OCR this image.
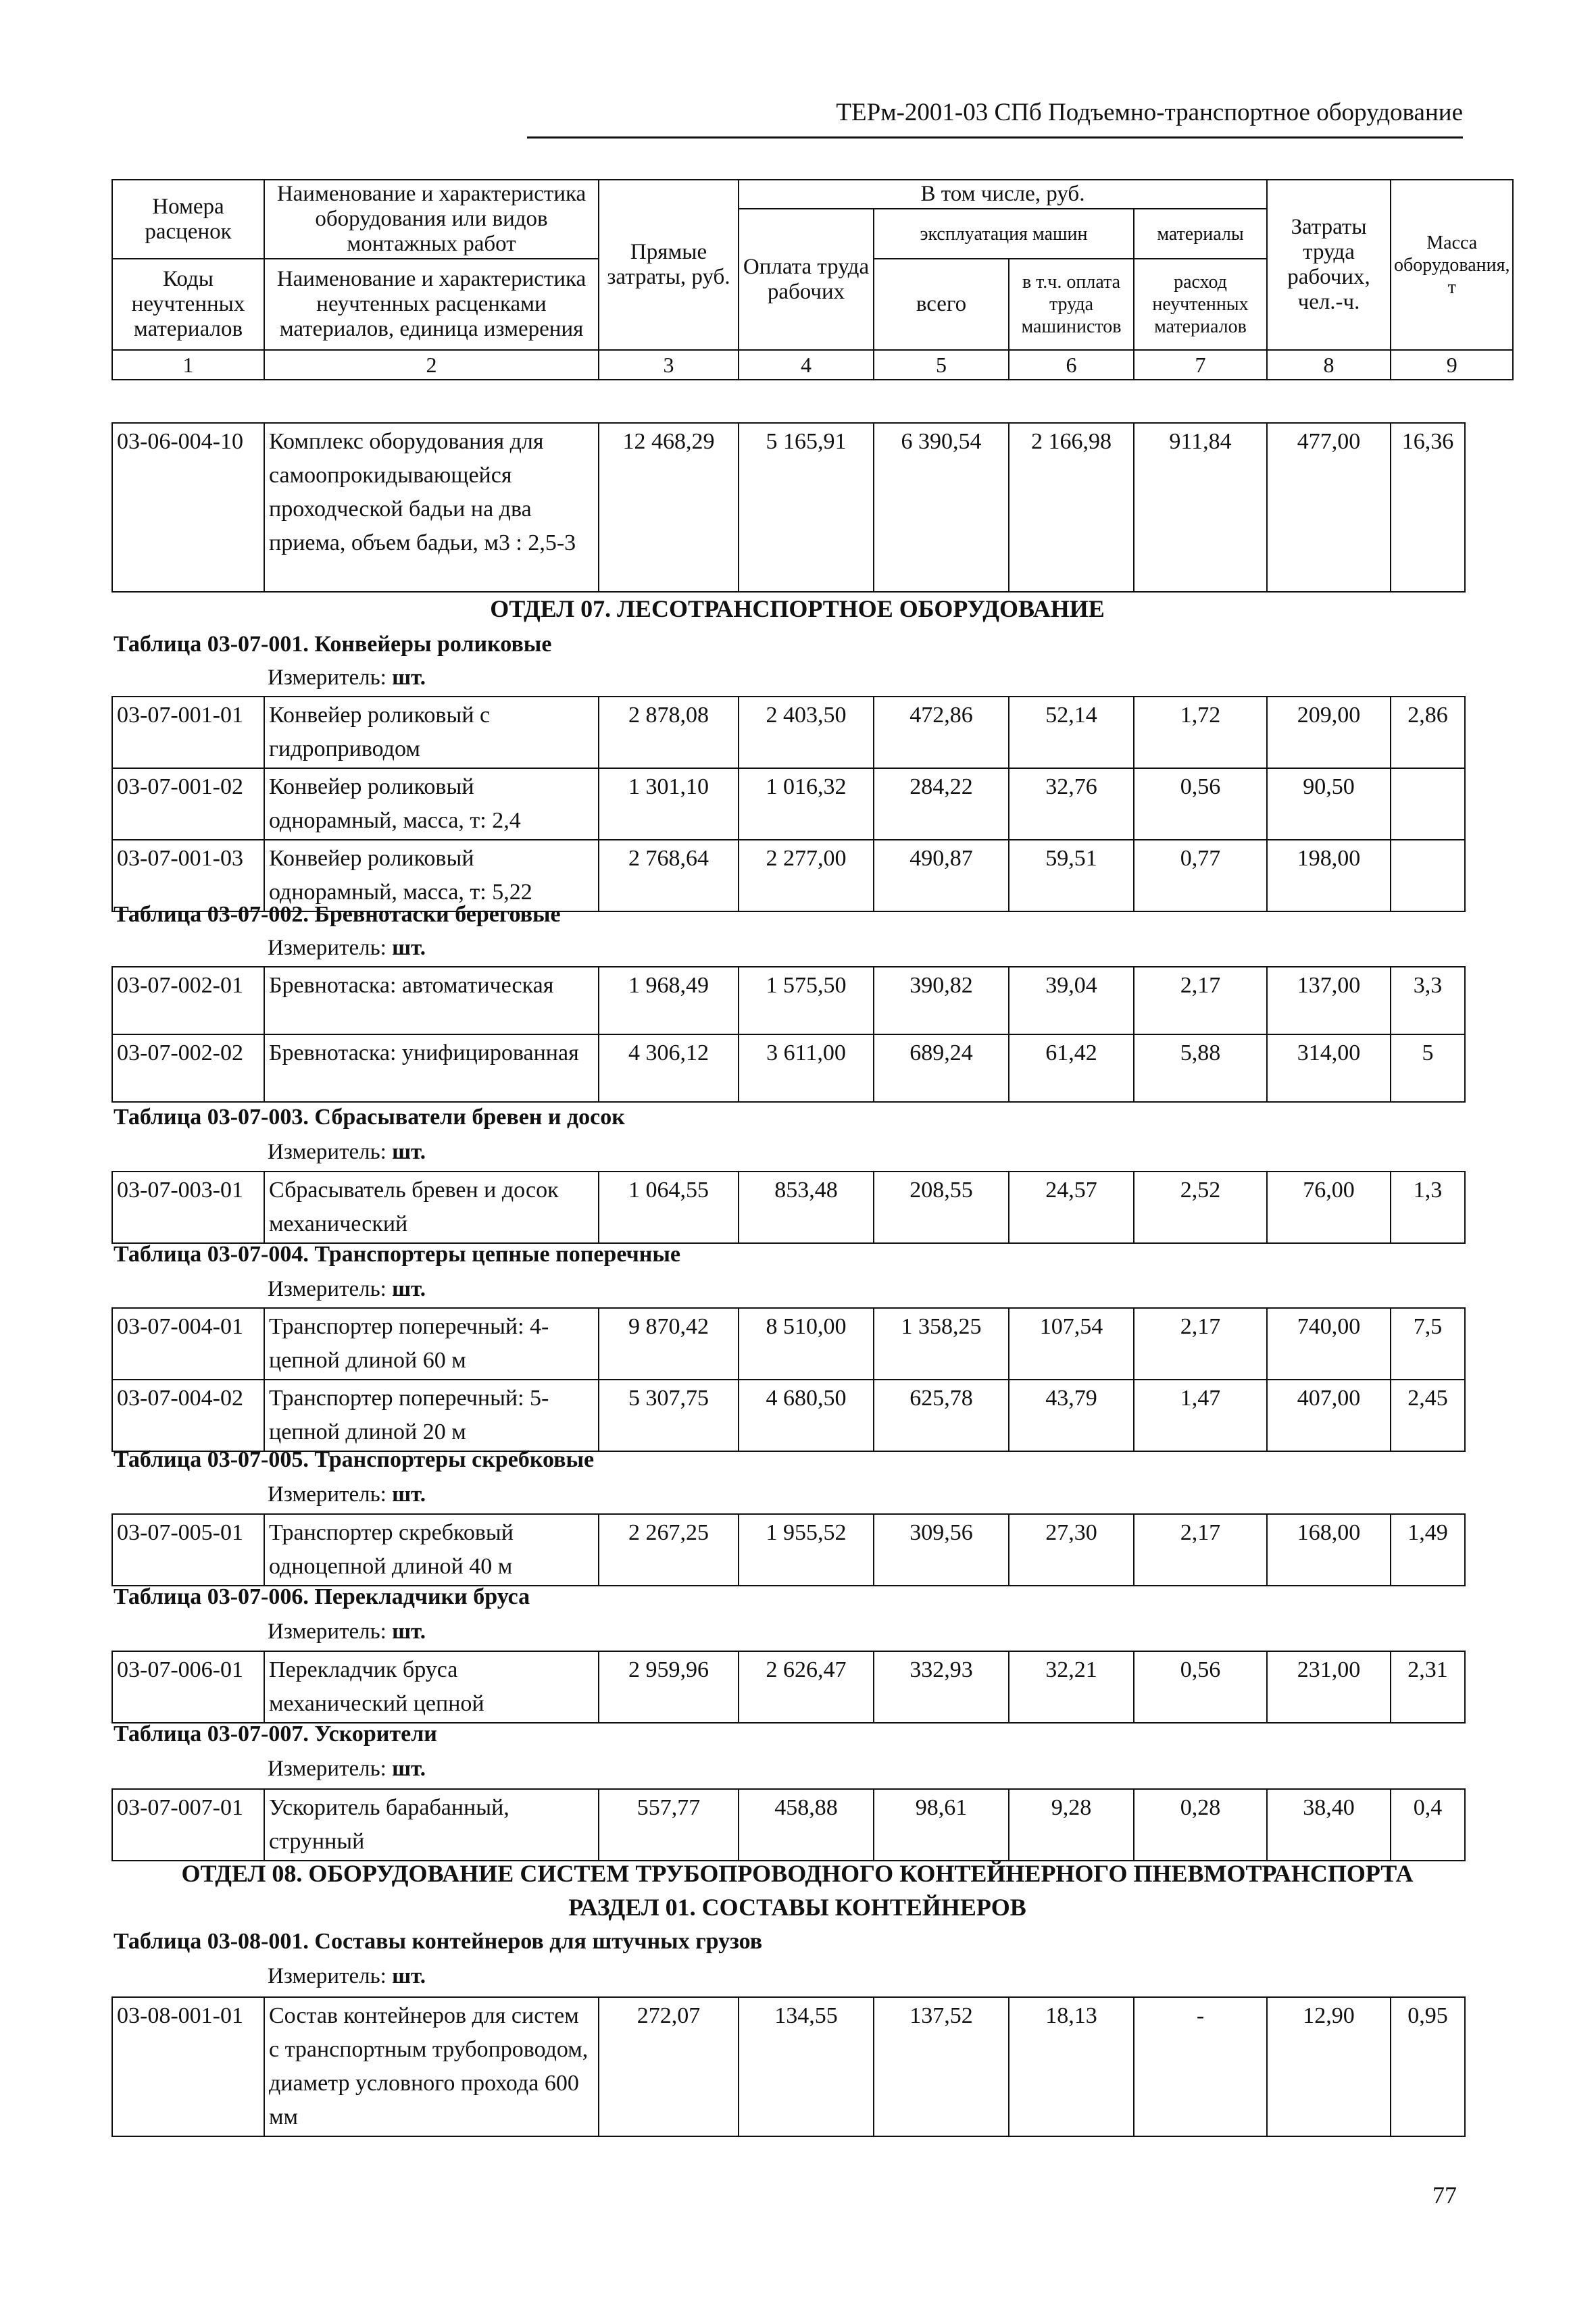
ТЕРм-2001-03 СПб Подъемно-транспортное оборудование
Номера расценок	Наименование и характеристика оборудования или видов монтажных работ	Прямые затраты, руб.	В том числе, руб.				Затраты труда рабочих, чел.-ч.	Масса оборудования, т
			Оплата труда рабочих	эксплуатация машин		материалы		
Коды неучтенных материалов	Наименование и характеристика неучтенных расценками материалов, единица измерения			всего	в т.ч. оплата труда машинистов	расход неучтенных материалов		

1	2	3	4	5	6	7	8	9
03-06-004-10	Комплекс оборудования для самоопрокидывающейся проходческой бадьи на два приема, объем бадьи, м3 : 2,5-3	12 468,29	5 165,91	6 390,54	2 166,98	911,84	477,00	16,36
ОТДЕЛ 07. ЛЕСОТРАНСПОРТНОЕ ОБОРУДОВАНИЕ
Таблица 03-07-001. Конвейеры роликовые
Измеритель: шт.
03-07-001-01	Конвейер роликовый с гидроприводом	2 878,08	2 403,50	472,86	52,14	1,72	209,00	2,86
03-07-001-02	Конвейер роликовый однорамный, масса, т: 2,4	1 301,10	1 016,32	284,22	32,76	0,56	90,50	
03-07-001-03	Конвейер роликовый однорамный, масса, т: 5,22	2 768,64	2 277,00	490,87	59,51	0,77	198,00	
Таблица 03-07-002. Бревнотаски береговые
Измеритель: шт.
03-07-002-01	Бревнотаска: автоматическая	1 968,49	1 575,50	390,82	39,04	2,17	137,00	3,3
03-07-002-02	Бревнотаска: унифицированная	4 306,12	3 611,00	689,24	61,42	5,88	314,00	5
Таблица 03-07-003. Сбрасыватели бревен и досок
Измеритель: шт.
03-07-003-01	Сбрасыватель бревен и досок механический	1 064,55	853,48	208,55	24,57	2,52	76,00	1,3
Таблица 03-07-004. Транспортеры цепные поперечные
Измеритель: шт.
03-07-004-01	Транспортер поперечный: 4-цепной длиной 60 м	9 870,42	8 510,00	1 358,25	107,54	2,17	740,00	7,5
03-07-004-02	Транспортер поперечный: 5-цепной длиной 20 м	5 307,75	4 680,50	625,78	43,79	1,47	407,00	2,45
Таблица 03-07-005. Транспортеры скребковые
Измеритель: шт.
03-07-005-01	Транспортер скребковый одноцепной длиной 40 м	2 267,25	1 955,52	309,56	27,30	2,17	168,00	1,49
Таблица 03-07-006. Перекладчики бруса
Измеритель: шт.
03-07-006-01	Перекладчик бруса механический цепной	2 959,96	2 626,47	332,93	32,21	0,56	231,00	2,31
Таблица 03-07-007. Ускорители
Измеритель: шт.
03-07-007-01	Ускоритель барабанный, струнный	557,77	458,88	98,61	9,28	0,28	38,40	0,4
ОТДЕЛ 08. ОБОРУДОВАНИЕ СИСТЕМ ТРУБОПРОВОДНОГО КОНТЕЙНЕРНОГО ПНЕВМОТРАНСПОРТА
РАЗДЕЛ 01. СОСТАВЫ КОНТЕЙНЕРОВ
Таблица 03-08-001. Составы контейнеров для штучных грузов
Измеритель: шт.
03-08-001-01	Состав контейнеров для систем с транспортным трубопроводом, диаметр условного прохода 600 мм	272,07	134,55	137,52	18,13	-	12,90	0,95
77
